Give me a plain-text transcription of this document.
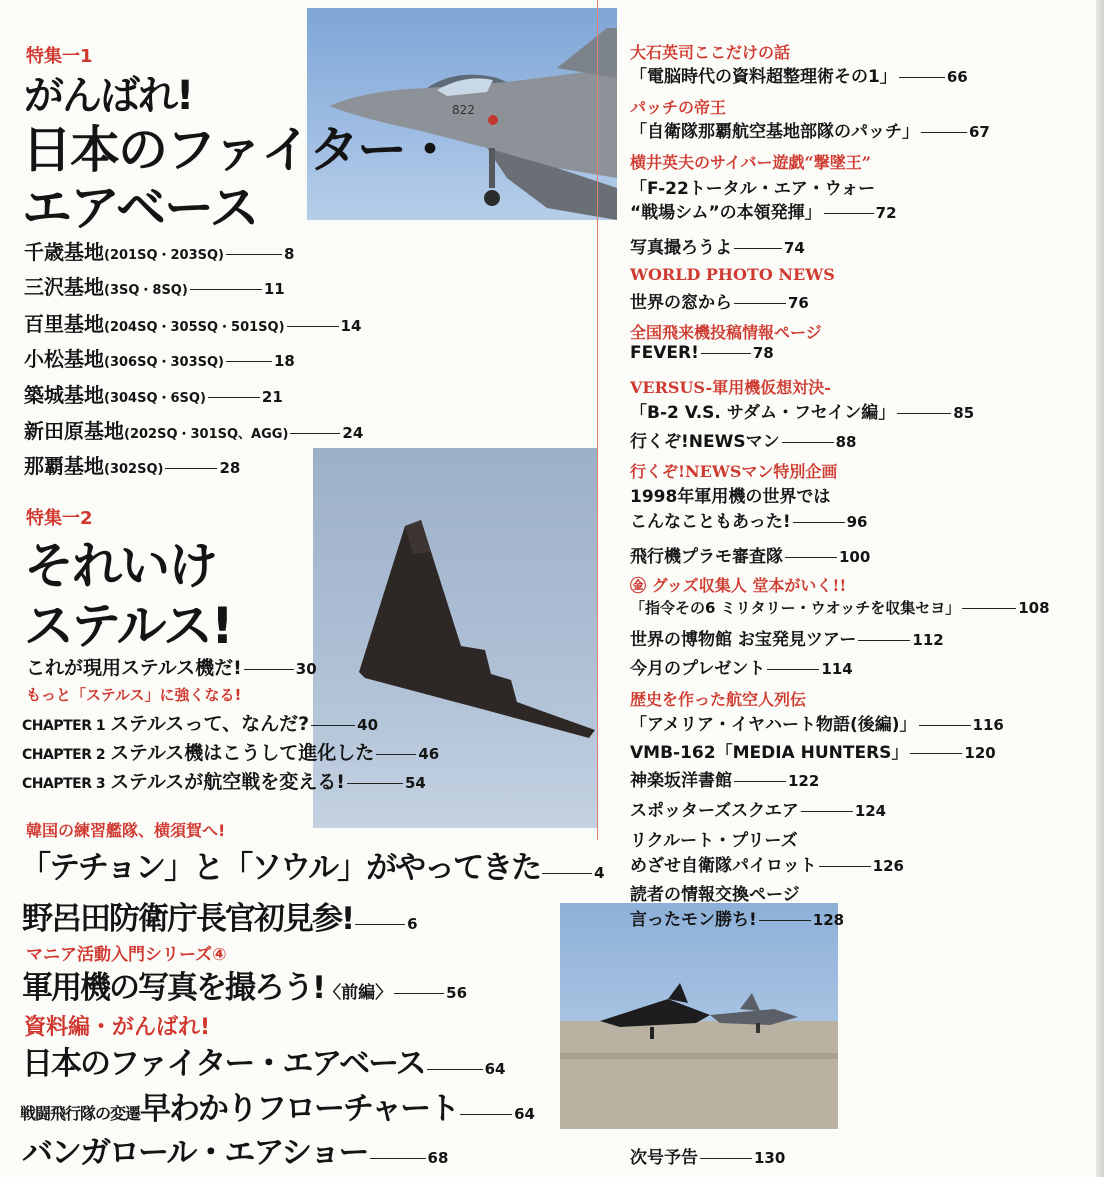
822
特集一1
がんばれ!
日本のファイター・
エアベース
千歳基地(201SQ・203SQ)	8
三沢基地(3SQ・8SQ)	11
百里基地(204SQ・305SQ・501SQ)	14
小松基地(306SQ・303SQ)	18
築城基地(304SQ・6SQ)	21
新田原基地(202SQ・301SQ、AGG)	24
那覇基地(302SQ)	28
特集一2
それいけ
ステルス!
これが現用ステルス機だ!	30
もっと「ステルス」に強くなる!
CHAPTER 1 ステルスって、なんだ?	40
CHAPTER 2 ステルス機はこうして進化した	46
CHAPTER 3 ステルスが航空戦を変える!	54
韓国の練習艦隊、横須賀へ!
「テチョン」と「ソウル」がやってきた	4
野呂田防衛庁長官初見参!	6
マニア活動入門シリーズ④
軍用機の写真を撮ろう!〈前編〉	56
資料編・がんばれ!
日本のファイター・エアベース	64
戦闘飛行隊の変遷早わかりフローチャート	64
バンガロール・エアショー	68
大石英司ここだけの話
「電脳時代の資料超整理術その1」	66
パッチの帝王
「自衛隊那覇航空基地部隊のパッチ」	67
横井英夫のサイバー遊戯“撃墜王”
「F-22トータル・エア・ウォー
“戦場シム”の本領発揮」	72
写真撮ろうよ	74
WORLD PHOTO NEWS
世界の窓から	76
全国飛来機投稿情報ページ
FEVER!	78
VERSUS-軍用機仮想対決-
「B-2 V.S. サダム・フセイン編」	85
行くぞ!NEWSマン	88
行くぞ!NEWSマン特別企画
1998年軍用機の世界では
こんなこともあった!	96
飛行機プラモ審査隊	100
㊎ グッズ収集人 堂本がいく!!
「指令その6 ミリタリー・ウオッチを収集セヨ」	108
世界の博物館 お宝発見ツアー	112
今月のプレゼント	114
歴史を作った航空人列伝
「アメリア・イヤハート物語(後編)」	116
VMB-162「MEDIA HUNTERS」	120
神楽坂洋書館	122
スポッターズスクエア	124
リクルート・プリーズ
めざせ自衛隊パイロット	126
読者の情報交換ページ
言ったモン勝ち!	128
次号予告	130
